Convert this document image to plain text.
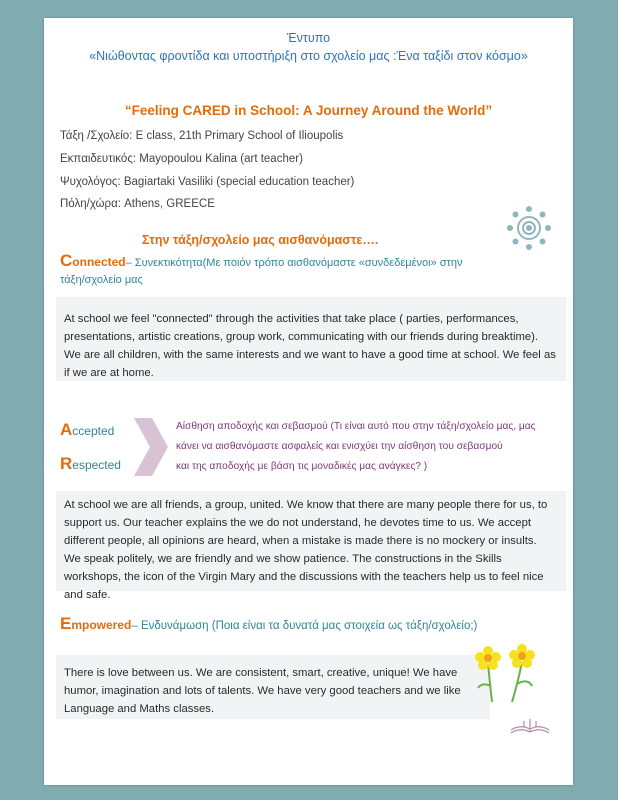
Έντυπο
«Νιώθοντας φροντίδα και υποστήριξη στο σχολείο μας :Ένα ταξίδι στον κόσμο»
“Feeling CARED in School: A Journey Around the World”
Τάξη /Σχολείο: E class, 21th Primary School of Ilioupolis
Εκπαιδευτικός: Mayopoulou Kalina (art teacher)
Ψυχολόγος: Bagiartaki Vasiliki (special education teacher)
Πόλη/χώρα: Athens, GREECE
Στην τάξη/σχολείο μας αισθανόμαστε….
Connected– Συνεκτικότητα(Με ποιόν τρόπο αισθανόμαστε «συνδεδεμένοι» στην
τάξη/σχολείο μας
At school we feel "connected" through the activities that take place ( parties, performances, presentations, artistic creations, group work, communicating with our friends during breaktime). We are all children, with the same interests and we want to have a good time at school. We feel as if we are at home.
Accepted
Respected
Αίσθηση αποδοχής και σεβασμού (Τι είναι αυτό που στην τάξη/σχολείο μας, μας
κάνει να αισθανόμαστε ασφαλείς και ενισχύει την αίσθηση του σεβασμού
και της αποδοχής με βάση τις μοναδικές μας ανάγκες? )
At school we are all friends, a group, united. We know that there are many people there for us, to support us. Our teacher explains the we do not understand, he devotes time to us. We accept different people, all opinions are heard, when a mistake is made there is no mockery or insults. We speak politely, we are friendly and we show patience. The constructions in the Skills workshops, the icon of the Virgin Mary and the discussions with the teachers help us to feel nice and safe.
Empowered– Ενδυνάμωση (Ποια είναι τα δυνατά μας στοιχεία ως τάξη/σχολείο;)
There is love between us. We are consistent, smart, creative, unique! We have humor, imagination and lots of talents. We have very good teachers and we like Language and Maths classes.
